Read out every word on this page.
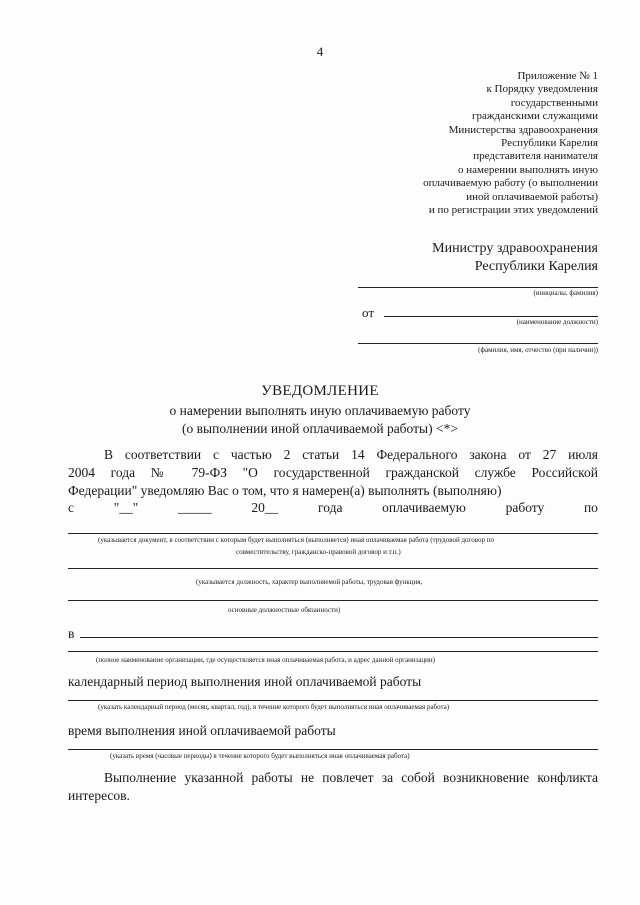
4
Приложение № 1
к Порядку уведомления
государственными
гражданскими служащими
Министерства здравоохранения
Республики Карелия
представителя нанимателя
о намерении выполнять иную
оплачиваемую работу (о выполнении
иной оплачиваемой работы)
и по регистрации этих уведомлений
Министру здравоохранения
Республики Карелия
(инициалы, фамилия)
от
(наименование должности)
(фамилия, имя, отчество (при наличии))
УВЕДОМЛЕНИЕ
о намерении выполнять иную оплачиваемую работу
(о выполнении иной оплачиваемой работы) <*>
В соответствии с частью 2 статьи 14 Федерального закона от 27 июля
2004 года № 79-ФЗ "О государственной гражданской службе Российской
Федерации" уведомляю Вас о том, что я намерен(а) выполнять (выполняю)
с	"__"	_____	20__	года	оплачиваемую	работу	по
(указывается документ, в соответствии с которым будет выполняться (выполняется) иная оплачиваемая работа (трудовой договор по
совместительству, гражданско-правовой договор и т.п.)
(указывается должность, характер выполняемой работы, трудовая функция,
основные должностные обязанности)
в
(полное наименование организации, где осуществляется иная оплачиваемая работа, и адрес данной организации)
календарный период выполнения иной оплачиваемой работы
(указать календарный период (месяц, квартал, год), в течение которого будет выполняться иная оплачиваемая работа)
время выполнения иной оплачиваемой работы
(указать время (часовые периоды) в течение которого будет выполняться иная оплачиваемая работа)
Выполнение указанной работы не повлечет за собой возникновение конфликта
интересов.
